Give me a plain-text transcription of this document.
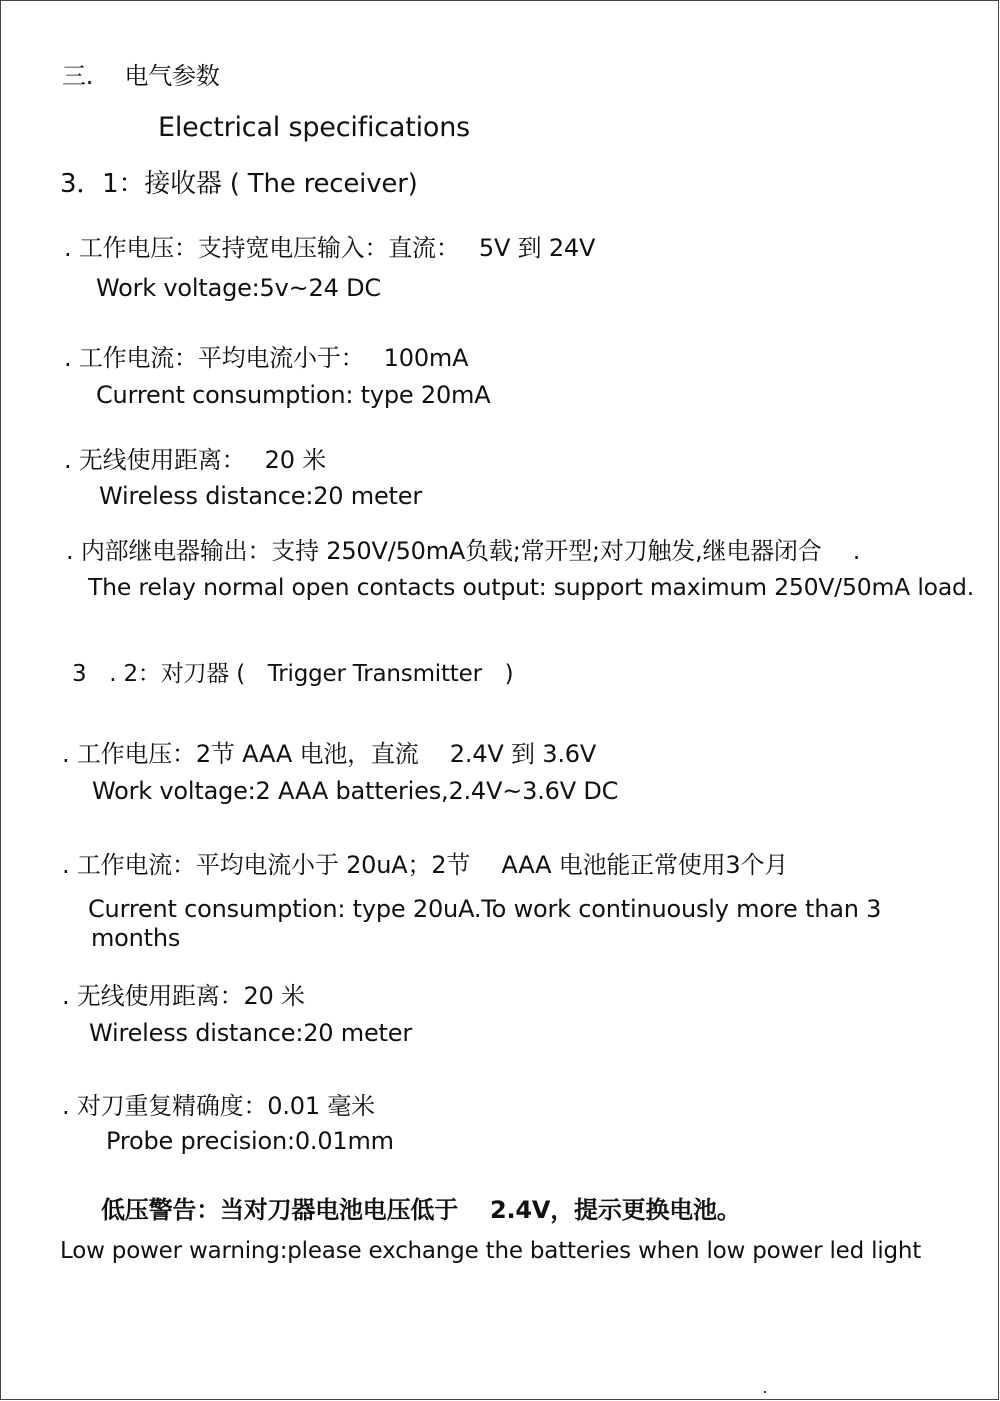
三.　 电气参数
Electrical specifications
3．1：接收器 ( The receiver)
. 工作电压：支持宽电压输入：直流：　 5V 到 24V
Work voltage:5v~24 DC
. 工作电流：平均电流小于：　 100mA
Current consumption: type 20mA
. 无线使用距离：　 20 米
Wireless distance:20 meter
. 内部继电器输出：支持 250V/50mA负载;常开型;对刀触发,继电器闭合　 .
The relay normal open contacts output: support maximum 250V/50mA load.
3　. 2：对刀器 (　Trigger Transmitter　)
. 工作电压：2节 AAA 电池，直流　 2.4V 到 3.6V
Work voltage:2 AAA batteries,2.4V~3.6V DC
. 工作电流：平均电流小于 20uA；2节　 AAA 电池能正常使用3个月
Current consumption: type 20uA.To work continuously more than 3
months
. 无线使用距离：20 米
Wireless distance:20 meter
. 对刀重复精确度：0.01 毫米
Probe precision:0.01mm
低压警告：当对刀器电池电压低于　 2.4V，提示更换电池。
Low power warning:please exchange the batteries when low power led light
